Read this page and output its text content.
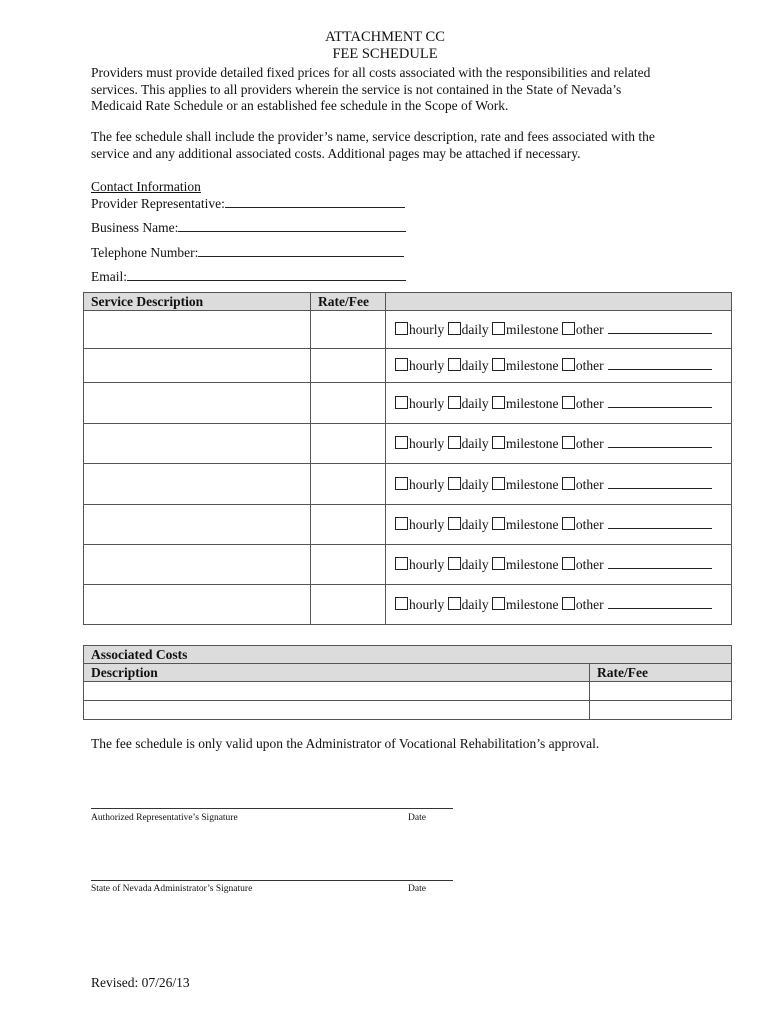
ATTACHMENT CC
FEE SCHEDULE
Providers must provide detailed fixed prices for all costs associated with the responsibilities and related
services. This applies to all providers wherein the service is not contained in the State of Nevada’s
Medicaid Rate Schedule or an established fee schedule in the Scope of Work.
The fee schedule shall include the provider’s name, service description, rate and fees associated with the
service and any additional associated costs. Additional pages may be attached if necessary.
Contact Information
Provider Representative:
Business Name:
Telephone Number:
Email:
Service Description	Rate/Fee	
		hourly daily milestone other
		hourly daily milestone other
		hourly daily milestone other
		hourly daily milestone other
		hourly daily milestone other
		hourly daily milestone other
		hourly daily milestone other
		hourly daily milestone other
Associated Costs	
Description	Rate/Fee

The fee schedule is only valid upon the Administrator of Vocational Rehabilitation’s approval.
Authorized Representative’s Signature	Date
State of Nevada Administrator’s Signature	Date
Revised: 07/26/13
